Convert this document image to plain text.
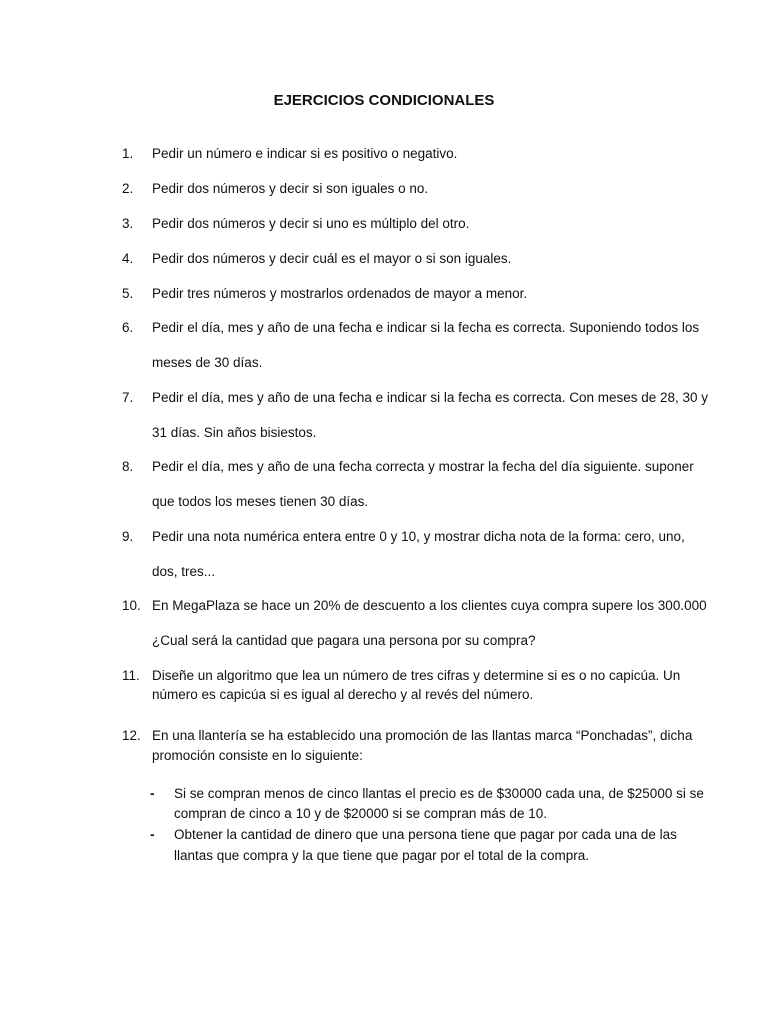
EJERCICIOS CONDICIONALES
1.	Pedir un número e indicar si es positivo o negativo.
2.	Pedir dos números y decir si son iguales o no.
3.	Pedir dos números y decir si uno es múltiplo del otro.
4.	Pedir dos números y decir cuál es el mayor o si son iguales.
5.	Pedir tres números y mostrarlos ordenados de mayor a menor.
6.	Pedir el día, mes y año de una fecha e indicar si la fecha es correcta. Suponiendo todos los
meses de 30 días.
7.	Pedir el día, mes y año de una fecha e indicar si la fecha es correcta. Con meses de 28, 30 y
31 días. Sin años bisiestos.
8.	Pedir el día, mes y año de una fecha correcta y mostrar la fecha del día siguiente. suponer
que todos los meses tienen 30 días.
9.	Pedir una nota numérica entera entre 0 y 10, y mostrar dicha nota de la forma: cero, uno,
dos, tres...
10. En MegaPlaza se hace un 20% de descuento a los clientes cuya compra supere los 300.000
¿Cual será la cantidad que pagara una persona por su compra?
11. Diseñe un algoritmo que lea un número de tres cifras y determine si es o no capicúa. Un
número es capicúa si es igual al derecho y al revés del número.
12. En una llantería se ha establecido una promoción de las llantas marca “Ponchadas”, dicha
promoción consiste en lo siguiente:
- Si se compran menos de cinco llantas el precio es de $30000 cada una, de $25000 si se
compran de cinco a 10 y de $20000 si se compran más de 10.
- Obtener la cantidad de dinero que una persona tiene que pagar por cada una de las
llantas que compra y la que tiene que pagar por el total de la compra.
